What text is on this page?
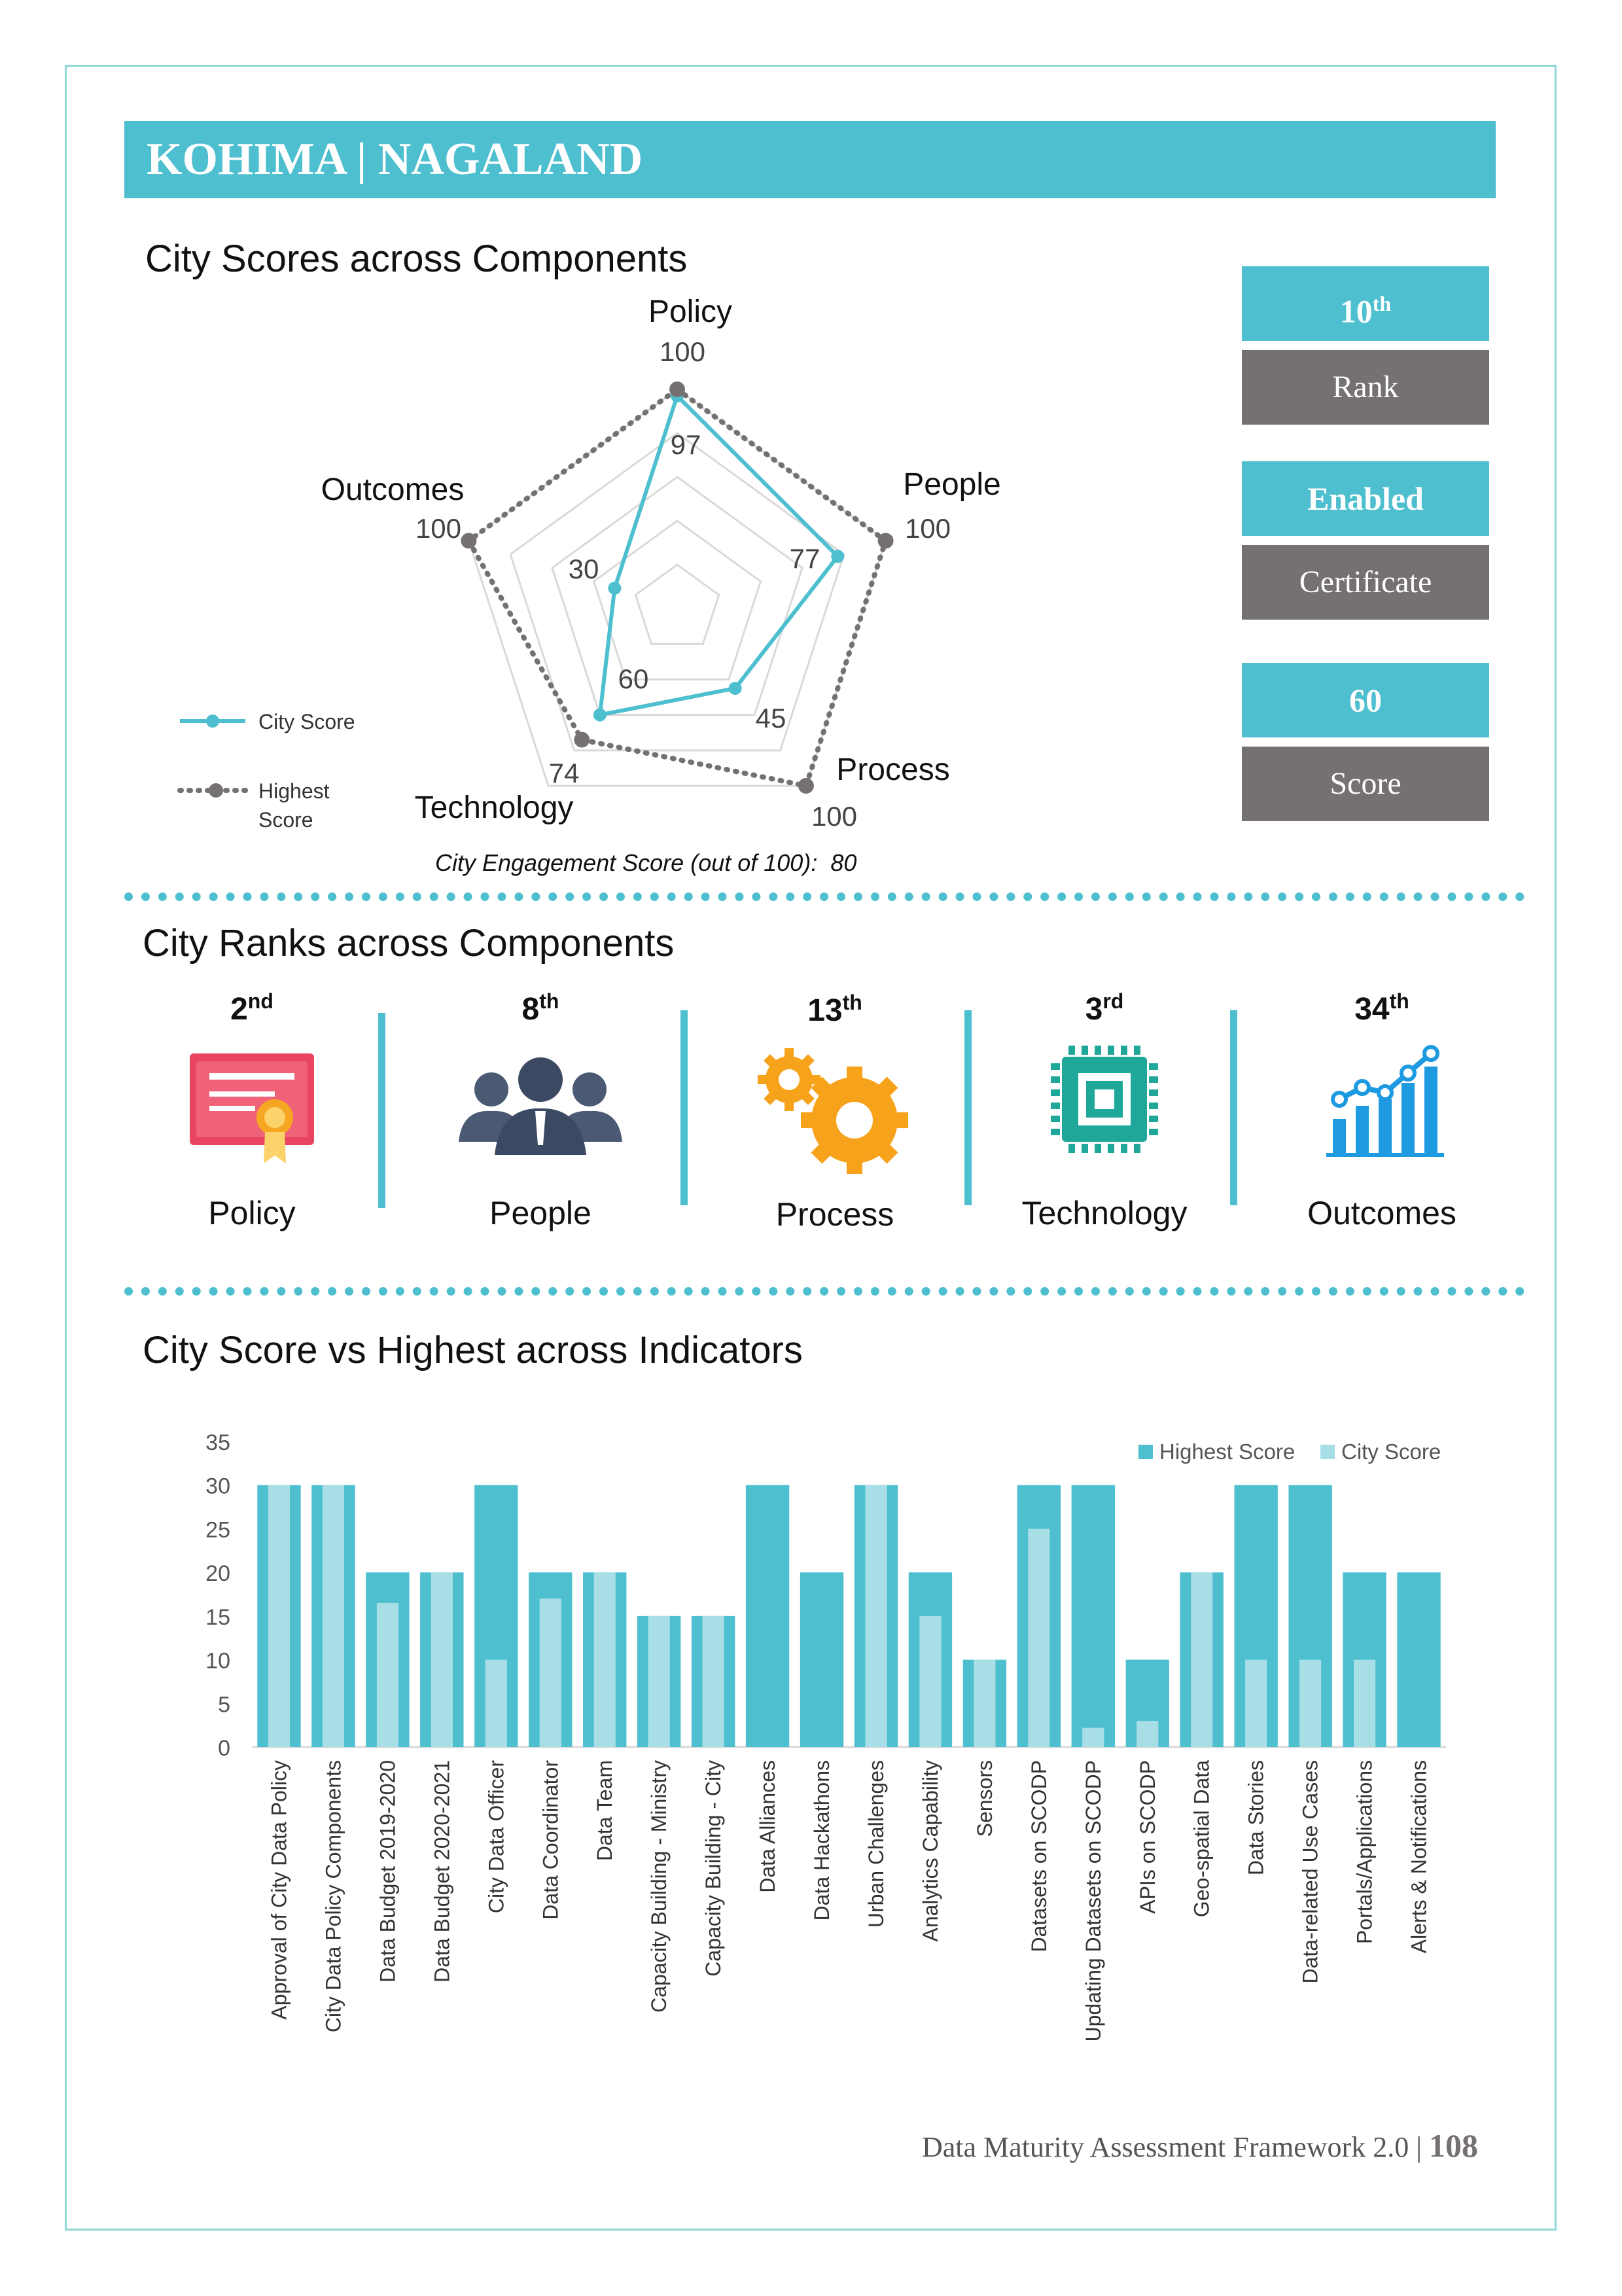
KOHIMA | NAGALAND
City Scores across Components
Policy
People
Process
Technology
Outcomes
100
100
100
74
100
97
77
45
60
30
City Score
Highest
Score
10th
Rank
Enabled
Certificate
60
Score
City Engagement Score (out of 100): 80
City Ranks across Components
2nd
Policy
8th
People
13th
Process
3rd
Technology
34th
Outcomes
City Score vs Highest across Indicators
0
5
10
15
20
25
30
35
Approval of City Data Policy City Data Policy Components Data Budget 2019-2020 Data Budget 2020-2021 City Data Officer Data Coordinator Data Team Capacity Building - Ministry Capacity Building - City Data Alliances Data Hackathons Urban Challenges Analytics Capability Sensors Datasets on SCODP Updating Datasets on SCODP APIs on SCODP Geo-spatial Data Data Stories Data-related Use Cases Portals/Applications Alerts & Notifications
Highest Score City Score
Data Maturity Assessment Framework 2.0 | 108
